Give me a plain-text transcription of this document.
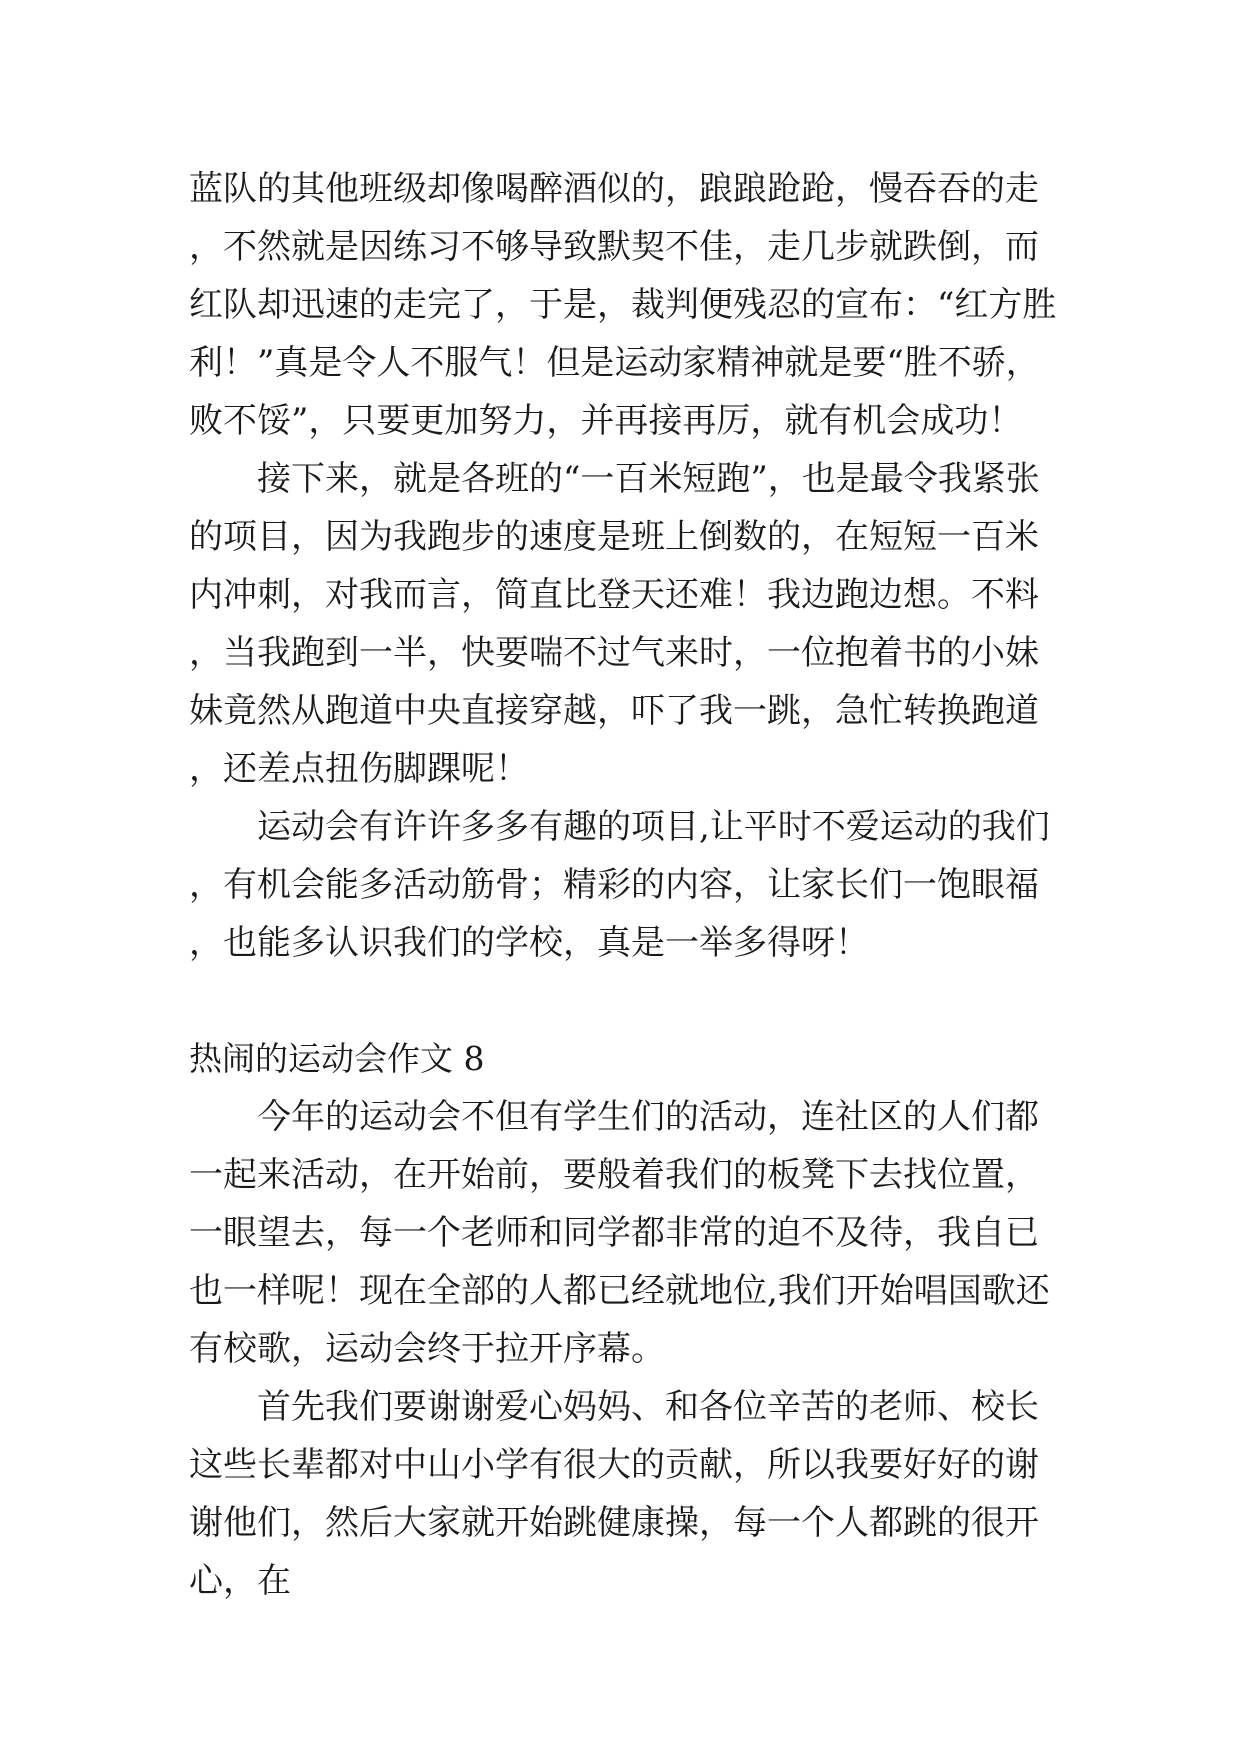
蓝队的其他班级却像喝醉酒似的，踉踉跄跄，慢吞吞的走，不然就是因练习不够导致默契不佳，走几步就跌倒，而红队却迅速的走完了，于是，裁判便残忍的宣布：“红方胜利！”真是令人不服气！但是运动家精神就是要“胜不骄，败不馁”，只要更加努力，并再接再厉，就有机会成功！

接下来，就是各班的“一百米短跑”，也是最令我紧张的项目，因为我跑步的速度是班上倒数的，在短短一百米内冲刺，对我而言，简直比登天还难！我边跑边想。不料，当我跑到一半，快要喘不过气来时，一位抱着书的小妹妹竟然从跑道中央直接穿越，吓了我一跳，急忙转换跑道，还差点扭伤脚踝呢！

运动会有许许多多有趣的项目,让平时不爱运动的我们，有机会能多活动筋骨；精彩的内容，让家长们一饱眼福，也能多认识我们的学校，真是一举多得呀！

热闹的运动会作文 8

今年的运动会不但有学生们的活动，连社区的人们都一起来活动，在开始前，要般着我们的板凳下去找位置，一眼望去，每一个老师和同学都非常的迫不及待，我自已也一样呢！现在全部的人都已经就地位,我们开始唱国歌还有校歌，运动会终于拉开序幕。

首先我们要谢谢爱心妈妈、和各位辛苦的老师、校长这些长辈都对中山小学有很大的贡献，所以我要好好的谢谢他们，然后大家就开始跳健康操，每一个人都跳的很开心，在
